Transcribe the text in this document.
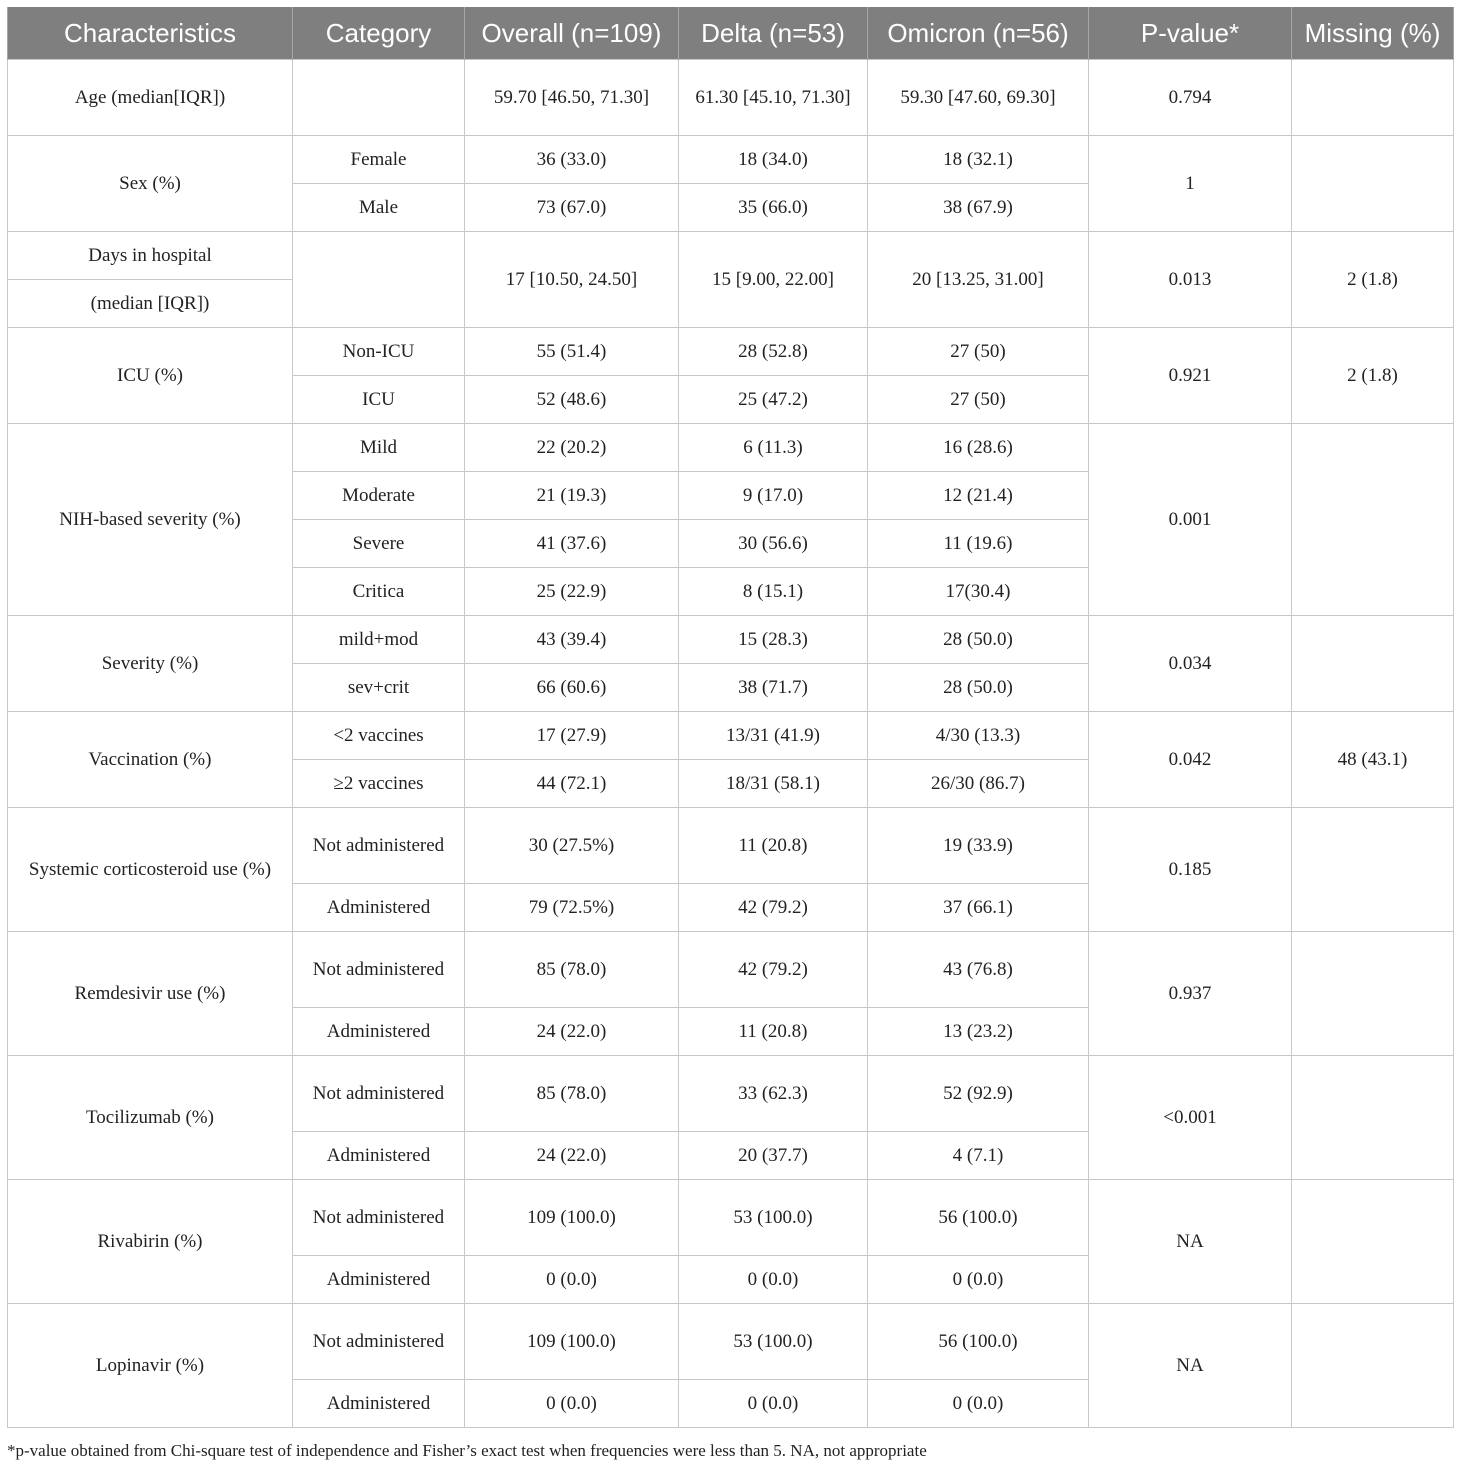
Characteristics	Category	Overall (n=109)	Delta (n=53)	Omicron (n=56)	P-value*	Missing (%)
Age (median[IQR])		59.70 [46.50, 71.30]	61.30 [45.10, 71.30]	59.30 [47.60, 69.30]	0.794	
Sex (%)	Female	36 (33.0)	18 (34.0)	18 (32.1)	1	
	Male	73 (67.0)	35 (66.0)	38 (67.9)		
Days in hospital		17 [10.50, 24.50]	15 [9.00, 22.00]	20 [13.25, 31.00]	0.013	2 (1.8)
(median [IQR])						
ICU (%)	Non-ICU	55 (51.4)	28 (52.8)	27 (50)	0.921	2 (1.8)
	ICU	52 (48.6)	25 (47.2)	27 (50)		
NIH-based severity (%)	Mild	22 (20.2)	6 (11.3)	16 (28.6)	0.001	
	Moderate	21 (19.3)	9 (17.0)	12 (21.4)		
	Severe	41 (37.6)	30 (56.6)	11 (19.6)		
	Critica	25 (22.9)	8 (15.1)	17(30.4)		
Severity (%)	mild+mod	43 (39.4)	15 (28.3)	28 (50.0)	0.034	
	sev+crit	66 (60.6)	38 (71.7)	28 (50.0)		
Vaccination (%)	<2 vaccines	17 (27.9)	13/31 (41.9)	4/30 (13.3)	0.042	48 (43.1)
	≥2 vaccines	44 (72.1)	18/31 (58.1)	26/30 (86.7)		
Systemic corticosteroid use (%)	Not administered	30 (27.5%)	11 (20.8)	19 (33.9)	0.185	
	Administered	79 (72.5%)	42 (79.2)	37 (66.1)		
Remdesivir use (%)	Not administered	85 (78.0)	42 (79.2)	43 (76.8)	0.937	
	Administered	24 (22.0)	11 (20.8)	13 (23.2)		
Tocilizumab (%)	Not administered	85 (78.0)	33 (62.3)	52 (92.9)	<0.001	
	Administered	24 (22.0)	20 (37.7)	4 (7.1)		
Rivabirin (%)	Not administered	109 (100.0)	53 (100.0)	56 (100.0)	NA	
	Administered	0 (0.0)	0 (0.0)	0 (0.0)		
Lopinavir (%)	Not administered	109 (100.0)	53 (100.0)	56 (100.0)	NA	
	Administered	0 (0.0)	0 (0.0)	0 (0.0)		
*p-value obtained from Chi-square test of independence and Fisher’s exact test when frequencies were less than 5. NA, not appropriate
